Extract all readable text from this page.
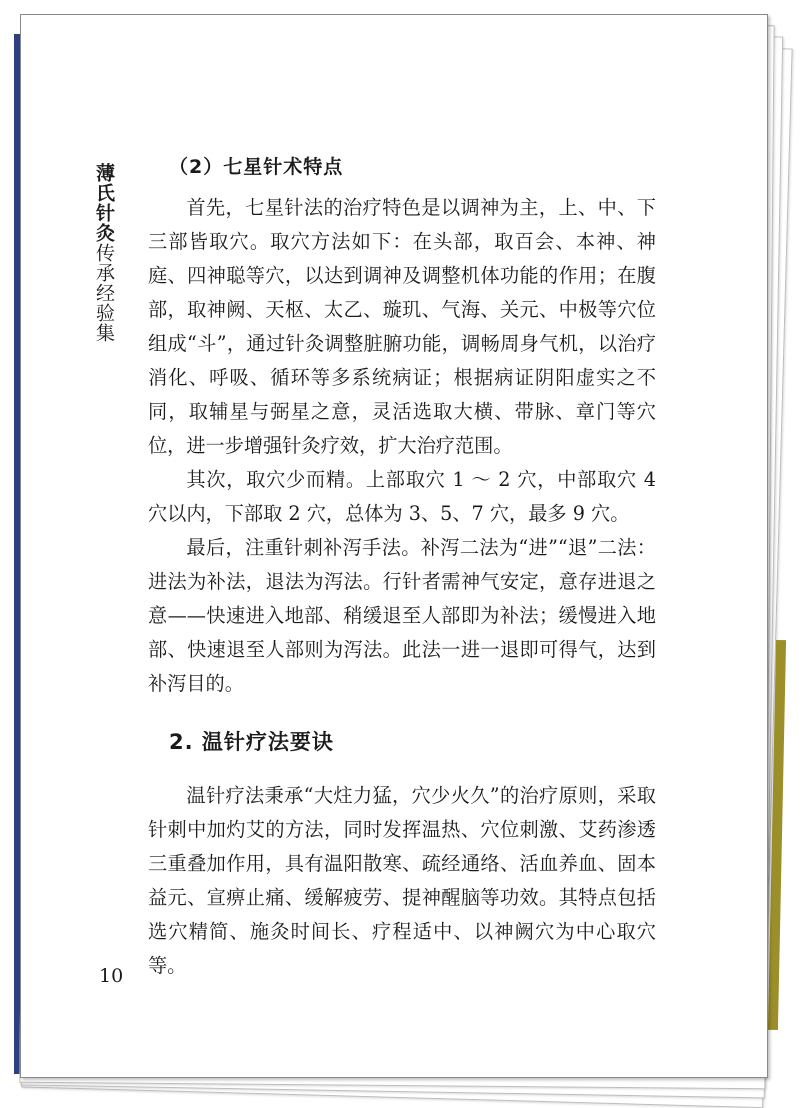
薄氏针灸传承经验集
（2）七星针术特点

首先，七星针法的治疗特色是以调神为主，上、中、下三部皆取穴。取穴方法如下：在头部，取百会、本神、神庭、四神聪等穴，以达到调神及调整机体功能的作用；在腹部，取神阙、天枢、太乙、璇玑、气海、关元、中极等穴位组成“斗”，通过针灸调整脏腑功能，调畅周身气机，以治疗消化、呼吸、循环等多系统病证；根据病证阴阳虚实之不同，取辅星与弼星之意，灵活选取大横、带脉、章门等穴位，进一步增强针灸疗效，扩大治疗范围。

其次，取穴少而精。上部取穴 1 ～ 2 穴，中部取穴 4 穴以内，下部取 2 穴，总体为 3、5、7 穴，最多 9 穴。

最后，注重针刺补泻手法。补泻二法为“进”“退”二法：进法为补法，退法为泻法。行针者需神气安定，意存进退之意——快速进入地部、稍缓退至人部即为补法；缓慢进入地部、快速退至人部则为泻法。此法一进一退即可得气，达到补泻目的。

2. 温针疗法要诀

温针疗法秉承“大炷力猛，穴少火久”的治疗原则，采取针刺中加灼艾的方法，同时发挥温热、穴位刺激、艾药渗透三重叠加作用，具有温阳散寒、疏经通络、活血养血、固本益元、宣痹止痛、缓解疲劳、提神醒脑等功效。其特点包括选穴精简、施灸时间长、疗程适中、以神阙穴为中心取穴等。

10
